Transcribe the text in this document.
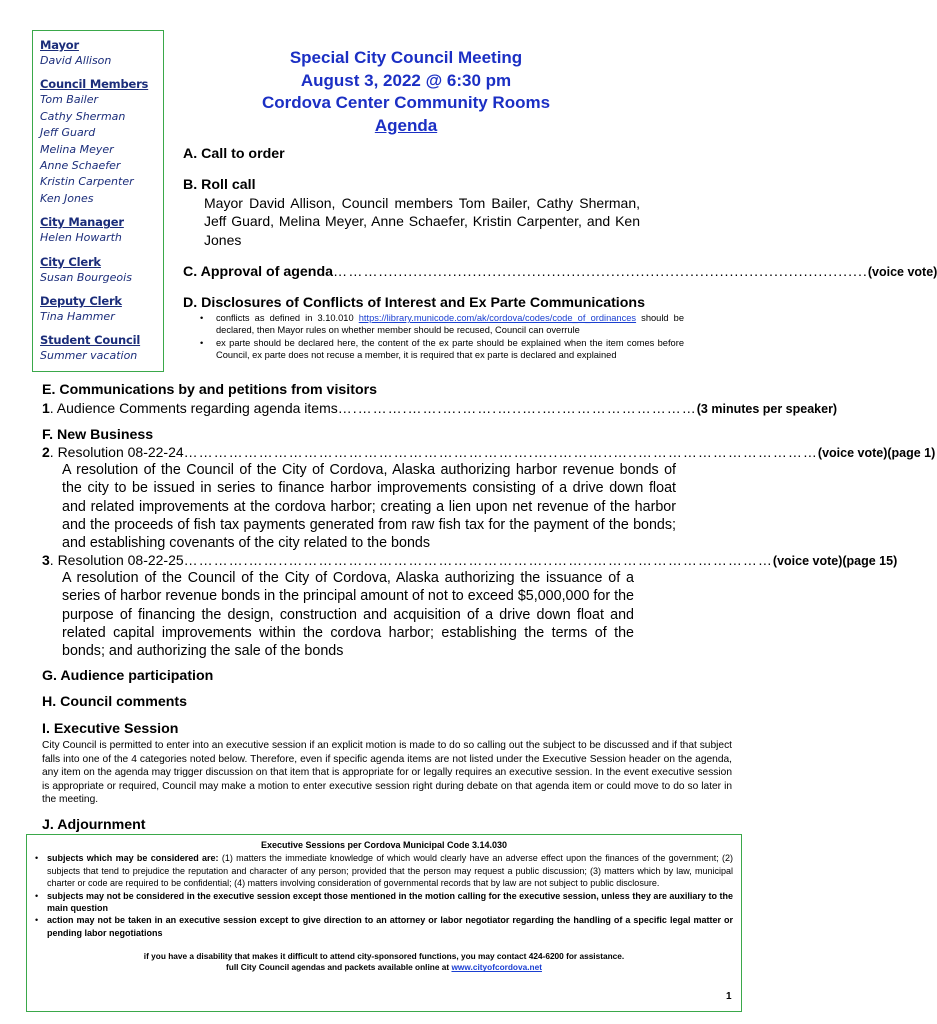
Mayor
David Allison
Council Members
Tom Bailer
Cathy Sherman
Jeff Guard
Melina Meyer
Anne Schaefer
Kristin Carpenter
Ken Jones
City Manager
Helen Howarth
City Clerk
Susan Bourgeois
Deputy Clerk
Tina Hammer
Student Council
Summer vacation
Special City Council Meeting
August 3, 2022 @ 6:30 pm
Cordova Center Community Rooms
Agenda
A. Call to order
B. Roll call
Mayor David Allison, Council members Tom Bailer, Cathy Sherman, Jeff Guard, Melina Meyer, Anne Schaefer, Kristin Carpenter, and Ken Jones
C. Approval of agenda ………................................................................................................... (voice vote)
D. Disclosures of Conflicts of Interest and Ex Parte Communications
•	conflicts as defined in 3.10.010 https://library.municode.com/ak/cordova/codes/code_of_ordinances should be declared, then Mayor rules on whether member should be recused, Council can overrule
•	ex parte should be declared here, the content of the ex parte should be explained when the item comes before Council, ex parte does not recuse a member, it is required that ex parte is declared and explained
E. Communications by and petitions from visitors
1 . Audience Comments regarding agenda items ….……….…….….…….…..….….……………………… (3 minutes per speaker)
F. New Business
2 . Resolution 08-22-24 …………………………………………………………….…..………..…..……………………………… (voice vote)(page 1)
A resolution of the Council of the City of Cordova, Alaska authorizing harbor revenue bonds of the city to be issued in series to finance harbor improvements consisting of a drive down float and related improvements at the cordova harbor; creating a lien upon net revenue of the harbor and the proceeds of fish tax payments generated from raw fish tax for the payment of the bonds; and establishing covenants of the city related to the bonds
3 . Resolution 08-22-25 ………….……..……………………………………………..……..……………………………… (voice vote)(page 15)
A resolution of the Council of the City of Cordova, Alaska authorizing the issuance of a series of harbor revenue bonds in the principal amount of not to exceed $5,000,000 for the purpose of financing the design, construction and acquisition of a drive down float and related capital improvements within the cordova harbor; establishing the terms of the bonds; and authorizing the sale of the bonds
G. Audience participation
H. Council comments
I. Executive Session
City Council is permitted to enter into an executive session if an explicit motion is made to do so calling out the subject to be discussed and if that subject falls into one of the 4 categories noted below. Therefore, even if specific agenda items are not listed under the Executive Session header on the agenda, any item on the agenda may trigger discussion on that item that is appropriate for or legally requires an executive session. In the event executive session is appropriate or required, Council may make a motion to enter executive session right during debate on that agenda item or could move to do so later in the meeting.
J. Adjournment
Executive Sessions per Cordova Municipal Code 3.14.030
• subjects which may be considered are: (1) matters the immediate knowledge of which would clearly have an adverse effect upon the finances of the government; (2) subjects that tend to prejudice the reputation and character of any person; provided that the person may request a public discussion; (3) matters which by law, municipal charter or code are required to be confidential; (4) matters involving consideration of governmental records that by law are not subject to public disclosure.
• subjects may not be considered in the executive session except those mentioned in the motion calling for the executive session, unless they are auxiliary to the main question
• action may not be taken in an executive session except to give direction to an attorney or labor negotiator regarding the handling of a specific legal matter or pending labor negotiations
if you have a disability that makes it difficult to attend city-sponsored functions, you may contact 424-6200 for assistance.
full City Council agendas and packets available online at www.cityofcordova.net
1
